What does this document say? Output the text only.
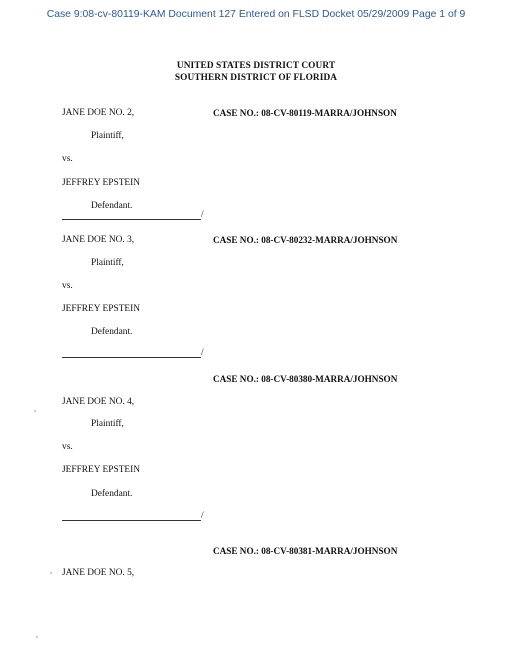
Case 9:08-cv-80119-KAM Document 127 Entered on FLSD Docket 05/29/2009 Page 1 of 9
UNITED STATES DISTRICT COURT
SOUTHERN DISTRICT OF FLORIDA
JANE DOE NO. 2,	CASE NO.: 08-CV-80119-MARRA/JOHNSON
Plaintiff,
vs.
JEFFREY EPSTEIN
Defendant.
/
JANE DOE NO. 3,	CASE NO.: 08-CV-80232-MARRA/JOHNSON
Plaintiff,
vs.
JEFFREY EPSTEIN
Defendant.
/
CASE NO.: 08-CV-80380-MARRA/JOHNSON
JANE DOE NO. 4,
Plaintiff,
vs.
JEFFREY EPSTEIN
Defendant.
/
CASE NO.: 08-CV-80381-MARRA/JOHNSON
JANE DOE NO. 5,
